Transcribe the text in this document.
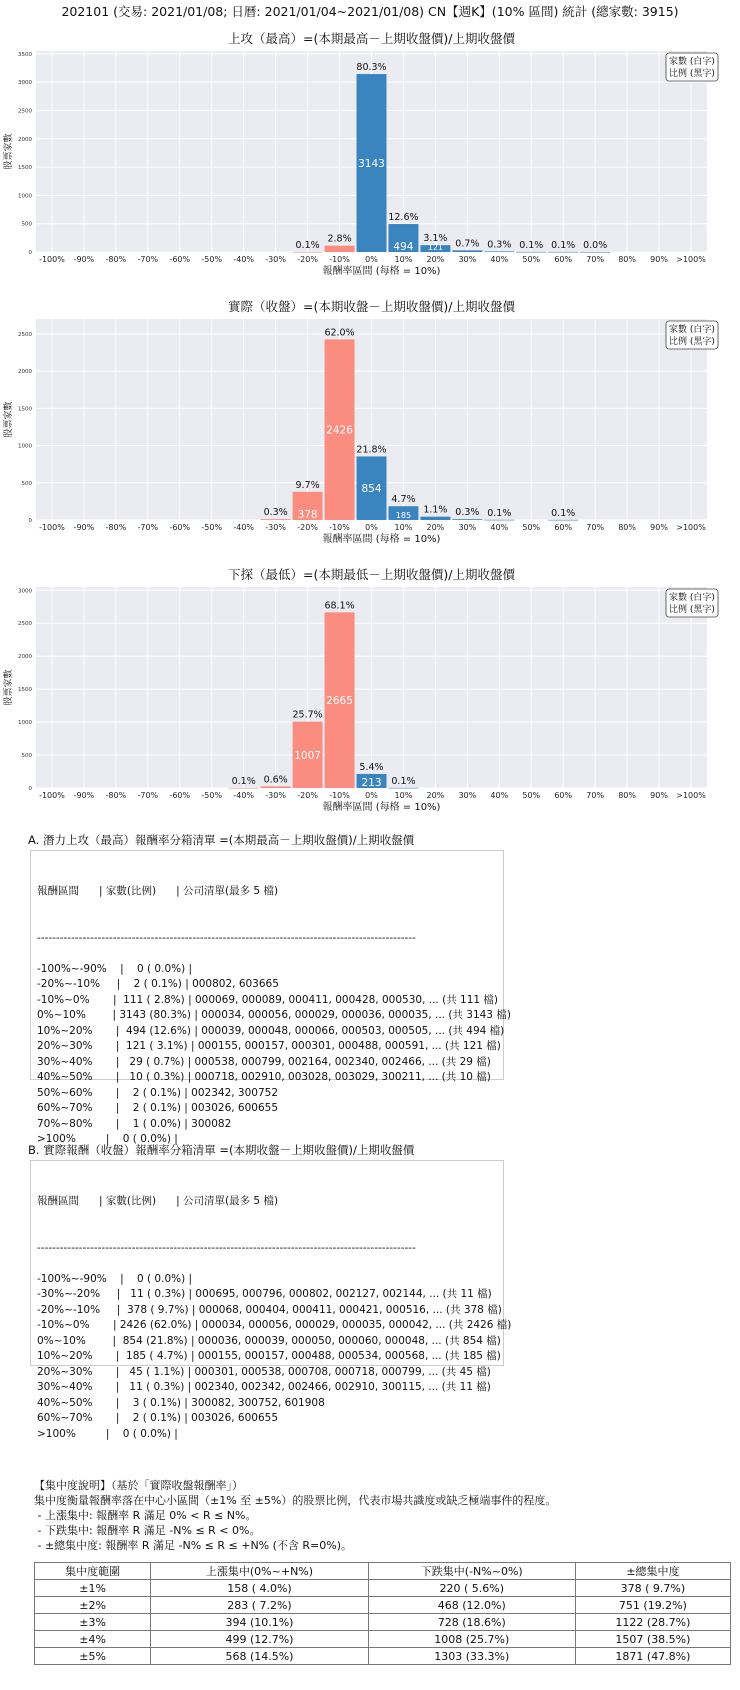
202101 (交易: 2021/01/08; 日曆: 2021/01/04~2021/01/08) CN【週K】(10% 區間) 統計 (總家數: 3915)
上攻（最高）=(本期最高－上期收盤價)/上期收盤價
0
500
1000
1500
2000
2500
3000
3500
0.1%
2.8%
80.3%
3143
12.6%
494
3.1%
121 0.7% 0.3% 0.1% 0.1% 0.0%
-100% -90% -80% -70% -60% -50% -40% -30% -20% -10% 0% 10% 20% 30% 40% 50% 60% 70% 80% 90% >100%
報酬率區間 (每格 = 10%)
股票家數
家數 (白字)
比例 (黑字)
實際（收盤）=(本期收盤－上期收盤價)/上期收盤價
0
500
1000
1500
2000
2500
0.3%
9.7%
378
62.0%
2426
21.8%
854
4.7%
185 1.1% 0.3% 0.1%	0.1%
-100% -90% -80% -70% -60% -50% -40% -30% -20% -10% 0% 10% 20% 30% 40% 50% 60% 70% 80% 90% >100%
報酬率區間 (每格 = 10%)
股票家數
家數 (白字)
比例 (黑字)
下探（最低）=(本期最低－上期收盤價)/上期收盤價
0
500
1000
1500
2000
2500
3000
0.1% 0.6%
25.7%
1007
68.1%
2665
5.4%
213 0.1%
-100% -90% -80% -70% -60% -50% -40% -30% -20% -10% 0% 10% 20% 30% 40% 50% 60% 70% 80% 90% >100%
報酬率區間 (每格 = 10%)
股票家數
家數 (白字)
比例 (黑字)
A. 潛力上攻（最高）報酬率分箱清單 =(本期最高－上期收盤價)/上期收盤價

報酬區間      | 家數(比例)      | 公司清單(最多 5 檔)

----------------------------------------------------------------------------------------------------

-100%~-90%    |    0 ( 0.0%) |
-20%~-10%     |    2 ( 0.1%) | 000802, 603665
-10%~0%       |  111 ( 2.8%) | 000069, 000089, 000411, 000428, 000530, ... (共 111 檔)
0%~10%        | 3143 (80.3%) | 000034, 000056, 000029, 000036, 000035, ... (共 3143 檔)
10%~20%       |  494 (12.6%) | 000039, 000048, 000066, 000503, 000505, ... (共 494 檔)
20%~30%       |  121 ( 3.1%) | 000155, 000157, 000301, 000488, 000591, ... (共 121 檔)
30%~40%       |   29 ( 0.7%) | 000538, 000799, 002164, 002340, 002466, ... (共 29 檔)
40%~50%       |   10 ( 0.3%) | 000718, 002910, 003028, 003029, 300211, ... (共 10 檔)
50%~60%       |    2 ( 0.1%) | 002342, 300752
60%~70%       |    2 ( 0.1%) | 003026, 600655
70%~80%       |    1 ( 0.0%) | 300082
>100%         |    0 ( 0.0%) |
B. 實際報酬（收盤）報酬率分箱清單 =(本期收盤－上期收盤價)/上期收盤價

報酬區間      | 家數(比例)      | 公司清單(最多 5 檔)

----------------------------------------------------------------------------------------------------

-100%~-90%    |    0 ( 0.0%) |
-30%~-20%     |   11 ( 0.3%) | 000695, 000796, 000802, 002127, 002144, ... (共 11 檔)
-20%~-10%     |  378 ( 9.7%) | 000068, 000404, 000411, 000421, 000516, ... (共 378 檔)
-10%~0%       | 2426 (62.0%) | 000034, 000056, 000029, 000035, 000042, ... (共 2426 檔)
0%~10%        |  854 (21.8%) | 000036, 000039, 000050, 000060, 000048, ... (共 854 檔)
10%~20%       |  185 ( 4.7%) | 000155, 000157, 000488, 000534, 000568, ... (共 185 檔)
20%~30%       |   45 ( 1.1%) | 000301, 000538, 000708, 000718, 000799, ... (共 45 檔)
30%~40%       |   11 ( 0.3%) | 002340, 002342, 002466, 002910, 300115, ... (共 11 檔)
40%~50%       |    3 ( 0.1%) | 300082, 300752, 601908
60%~70%       |    2 ( 0.1%) | 003026, 600655
>100%         |    0 ( 0.0%) |
【集中度說明】（基於「實際收盤報酬率」）
集中度衡量報酬率落在中心小區間（±1% 至 ±5%）的股票比例，代表市場共識度或缺乏極端事件的程度。
- 上漲集中: 報酬率 R 滿足 0% < R ≤ N%。
- 下跌集中: 報酬率 R 滿足 -N% ≤ R < 0%。
- ±總集中度: 報酬率 R 滿足 -N% ≤ R ≤ +N% (不含 R=0%)。
集中度範圍	上漲集中(0%~+N%)	下跌集中(-N%~0%)	±總集中度
±1%	158 ( 4.0%)	220 ( 5.6%)	378 ( 9.7%)
±2%	283 ( 7.2%)	468 (12.0%)	751 (19.2%)
±3%	394 (10.1%)	728 (18.6%)	1122 (28.7%)
±4%	499 (12.7%)	1008 (25.7%)	1507 (38.5%)
±5%	568 (14.5%)	1303 (33.3%)	1871 (47.8%)
